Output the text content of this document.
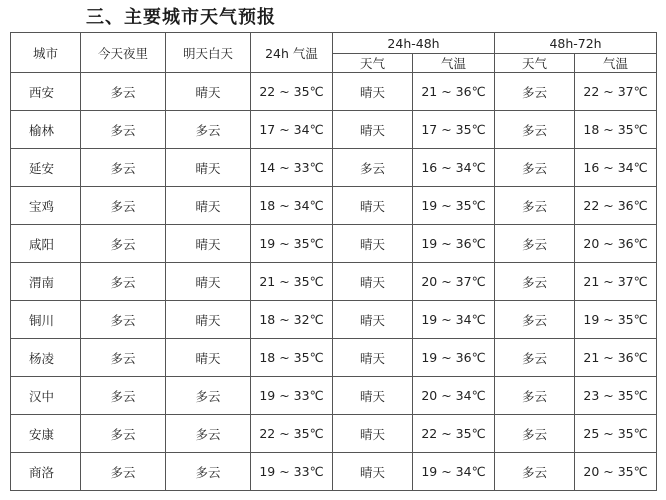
三、主要城市天气预报
城市	今天夜里	明天白天	24h 气温	24h-48h		48h-72h	
				天气	气温	天气	气温
西安	多云	晴天	22 ~ 35℃	晴天	21 ~ 36℃	多云	22 ~ 37℃
榆林	多云	多云	17 ~ 34℃	晴天	17 ~ 35℃	多云	18 ~ 35℃
延安	多云	晴天	14 ~ 33℃	多云	16 ~ 34℃	多云	16 ~ 34℃
宝鸡	多云	晴天	18 ~ 34℃	晴天	19 ~ 35℃	多云	22 ~ 36℃
咸阳	多云	晴天	19 ~ 35℃	晴天	19 ~ 36℃	多云	20 ~ 36℃
渭南	多云	晴天	21 ~ 35℃	晴天	20 ~ 37℃	多云	21 ~ 37℃
铜川	多云	晴天	18 ~ 32℃	晴天	19 ~ 34℃	多云	19 ~ 35℃
杨凌	多云	晴天	18 ~ 35℃	晴天	19 ~ 36℃	多云	21 ~ 36℃
汉中	多云	多云	19 ~ 33℃	晴天	20 ~ 34℃	多云	23 ~ 35℃
安康	多云	多云	22 ~ 35℃	晴天	22 ~ 35℃	多云	25 ~ 35℃
商洛	多云	多云	19 ~ 33℃	晴天	19 ~ 34℃	多云	20 ~ 35℃
